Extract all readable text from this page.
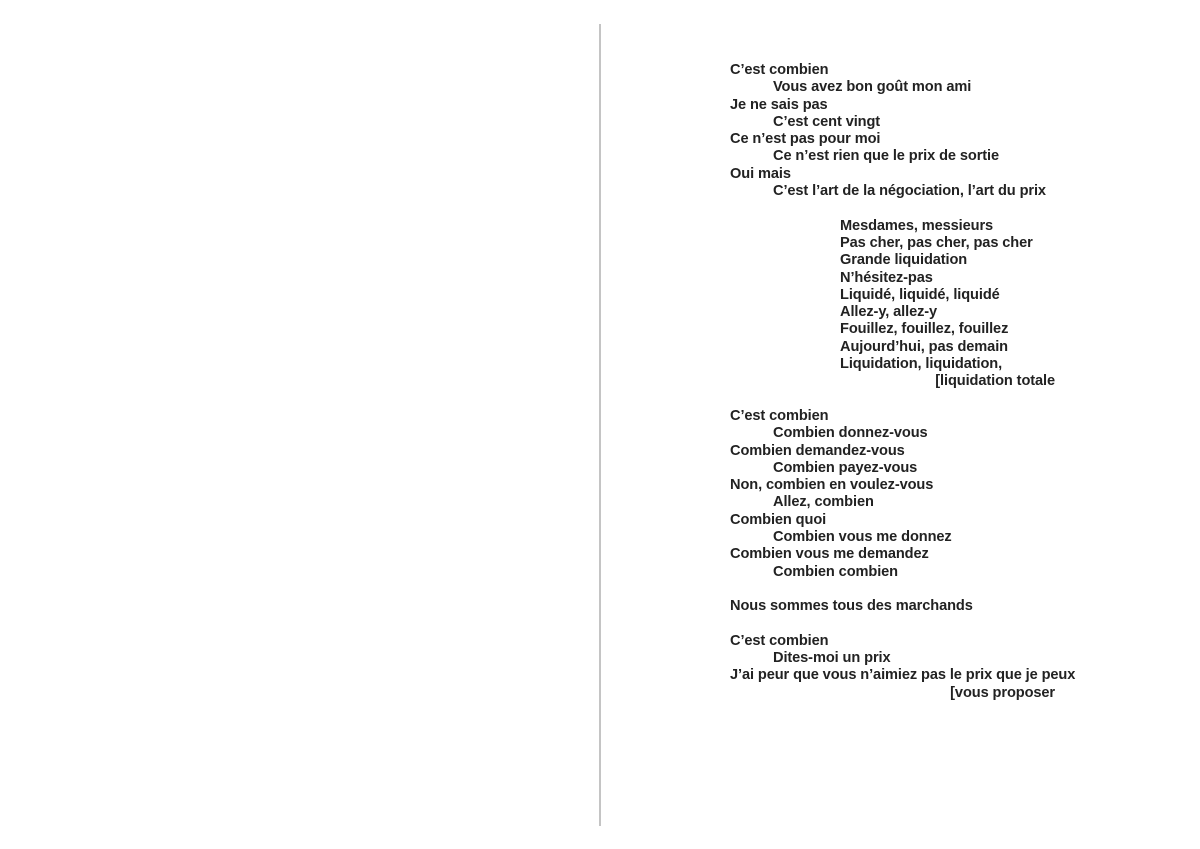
C’est combien
Vous avez bon goût mon ami
Je ne sais pas
C’est cent vingt
Ce n’est pas pour moi
Ce n’est rien que le prix de sortie
Oui mais
C’est l’art de la négociation, l’art du prix
Mesdames, messieurs
Pas cher, pas cher, pas cher
Grande liquidation
N’hésitez-pas
Liquidé, liquidé, liquidé
Allez-y, allez-y
Fouillez, fouillez, fouillez
Aujourd’hui, pas demain
Liquidation, liquidation,
[liquidation totale
C’est combien
Combien donnez-vous
Combien demandez-vous
Combien payez-vous
Non, combien en voulez-vous
Allez, combien
Combien quoi
Combien vous me donnez
Combien vous me demandez
Combien combien
Nous sommes tous des marchands
C’est combien
Dites-moi un prix
J’ai peur que vous n’aimiez pas le prix que je peux
[vous proposer
